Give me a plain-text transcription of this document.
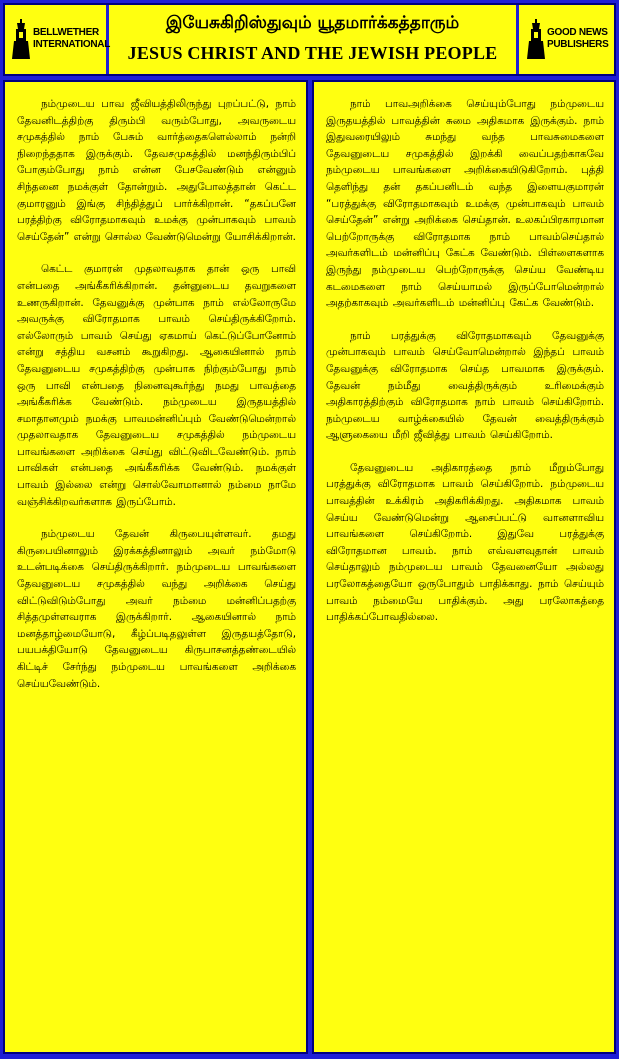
BELLWETHER
INTERNATIONAL
இயேசுகிறிஸ்துவும் யூதமார்க்கத்தாரும்
JESUS CHRIST AND THE JEWISH PEOPLE
GOOD NEWS
PUBLISHERS

நம்முடைய பாவ ஜீவியத்திலிருந்து புறப்பட்டு, நாம் தேவனிடத்திற்கு திரும்பி வரும்போது, அவருடைய சமுகத்தில் நாம் பேசும் வார்த்தைகளெல்லாம் நன்றி நிறைந்ததாக இருக்கும். தேவசமுகத்தில் மனந்திரும்பிப் போகும்போது நாம் என்ன பேசவேண்டும் என்னும் சிந்தனை நமக்குள் தோன்றும். அதுபோலத்தான் கெட்ட குமாரனும் இங்கு சிந்தித்துப் பார்க்கிறான். “தகப்பனே பரத்திற்கு விரோதமாகவும் உமக்கு முன்பாகவும் பாவம் செய்தேன்” என்று சொல்ல வேண்டுமென்று யோசிக்கிறான்.

கெட்ட குமாரன் முதலாவதாக தான் ஒரு பாவி என்பதை அங்கீகரிக்கிறான். தன்னுடைய தவறுகளை உணருகிறான். தேவனுக்கு முன்பாக நாம் எல்லோருமே அவருக்கு விரோதமாக பாவம் செய்திருக்கிறோம். எல்லோரும் பாவம் செய்து ஏகமாய் கெட்டுப்போனோம் என்று சத்திய வசனம் கூறுகிறது. ஆகையினால் நாம் தேவனுடைய சமுகத்திற்கு முன்பாக நிற்கும்போது நாம் ஒரு பாவி என்பதை நினைவுகூர்ந்து நமது பாவத்தை அங்கீகரிக்க வேண்டும். நம்முடைய இருதயத்தில் சமாதானமும் நமக்கு பாவமன்னிப்பும் வேண்டுமென்றால் முதலாவதாக தேவனுடைய சமுகத்தில் நம்முடைய பாவங்களை அறிக்கை செய்து விட்டுவிடவேண்டும். நாம் பாவிகள் என்பதை அங்கீகரிக்க வேண்டும். நமக்குள் பாவம் இல்லை என்று சொல்வோமானால் நம்மை நாமே வஞ்சிக்கிறவர்களாக இருப்போம்.

நம்முடைய தேவன் கிருபையுள்ளவர். தமது கிருபையினாலும் இரக்கத்தினாலும் அவர் நம்மோடு உடன்படிக்கை செய்திருக்கிறார். நம்முடைய பாவங்களை தேவனுடைய சமுகத்தில் வந்து அறிக்கை செய்து விட்டுவிடும்போது அவர் நம்மை மன்னிப்பதற்கு சித்தமுள்ளவராக இருக்கிறார். ஆகையினால் நாம் மனத்தாழ்மையோடு, கீழ்ப்படிதலுள்ள இருதயத்தோடு, பயபக்தியோடு தேவனுடைய கிருபாசனத்தண்டையில் கிட்டிச் சேர்ந்து நம்முடைய பாவங்களை அறிக்கை செய்யவேண்டும்.

நாம் பாவஅறிக்கை செய்யும்போது நம்முடைய இருதயத்தில் பாவத்தின் சுமை அதிகமாக இருக்கும். நாம் இதுவரையிலும் சுமந்து வந்த பாவசுமைகளை தேவனுடைய சமுகத்தில் இறக்கி வைப்பதற்காகவே நம்முடைய பாவங்களை அறிக்கையிடுகிறோம். புத்தி தெளிந்து தன் தகப்பனிடம் வந்த இளையகுமாரன் “பரத்துக்கு விரோதமாகவும் உமக்கு முன்பாகவும் பாவம் செய்தேன்” என்று அறிக்கை செய்தான். உலகப்பிரகாரமான பெற்றோருக்கு விரோதமாக நாம் பாவம்செய்தால் அவர்களிடம் மன்னிப்பு கேட்க வேண்டும். பிள்ளைகளாக இருந்து நம்முடைய பெற்றோருக்கு செய்ய வேண்டிய கடமைகளை நாம் செய்யாமல் இருப்போமென்றால் அதற்காகவும் அவர்களிடம் மன்னிப்பு கேட்க வேண்டும்.

நாம் பரத்துக்கு விரோதமாகவும் தேவனுக்கு முன்பாகவும் பாவம் செய்வோமென்றால் இந்தப் பாவம் தேவனுக்கு விரோதமாக செய்த பாவமாக இருக்கும். தேவன் நம்மீது வைத்திருக்கும் உரிமைக்கும் அதிகாரத்திற்கும் விரோதமாக நாம் பாவம் செய்கிறோம். நம்முடைய வாழ்க்கையில் தேவன் வைத்திருக்கும் ஆளுகையை மீறி ஜீவித்து பாவம் செய்கிறோம்.

தேவனுடைய அதிகாரத்தை நாம் மீறும்போது பரத்துக்கு விரோதமாக பாவம் செய்கிறோம். நம்முடைய பாவத்தின் உக்கிரம் அதிகரிக்கிறது. அதிகமாக பாவம் செய்ய வேண்டுமென்று ஆசைப்பட்டு வானளாவிய பாவங்களை செய்கிறோம். இதுவே பரத்துக்கு விரோதமான பாவம். நாம் எவ்வளவுதான் பாவம் செய்தாலும் நம்முடைய பாவம் தேவனையோ அல்லது பரலோகத்தையோ ஒருபோதும் பாதிக்காது. நாம் செய்யும் பாவம் நம்மையே பாதிக்கும். அது பரலோகத்தை பாதிக்கப்போவதில்லை.
